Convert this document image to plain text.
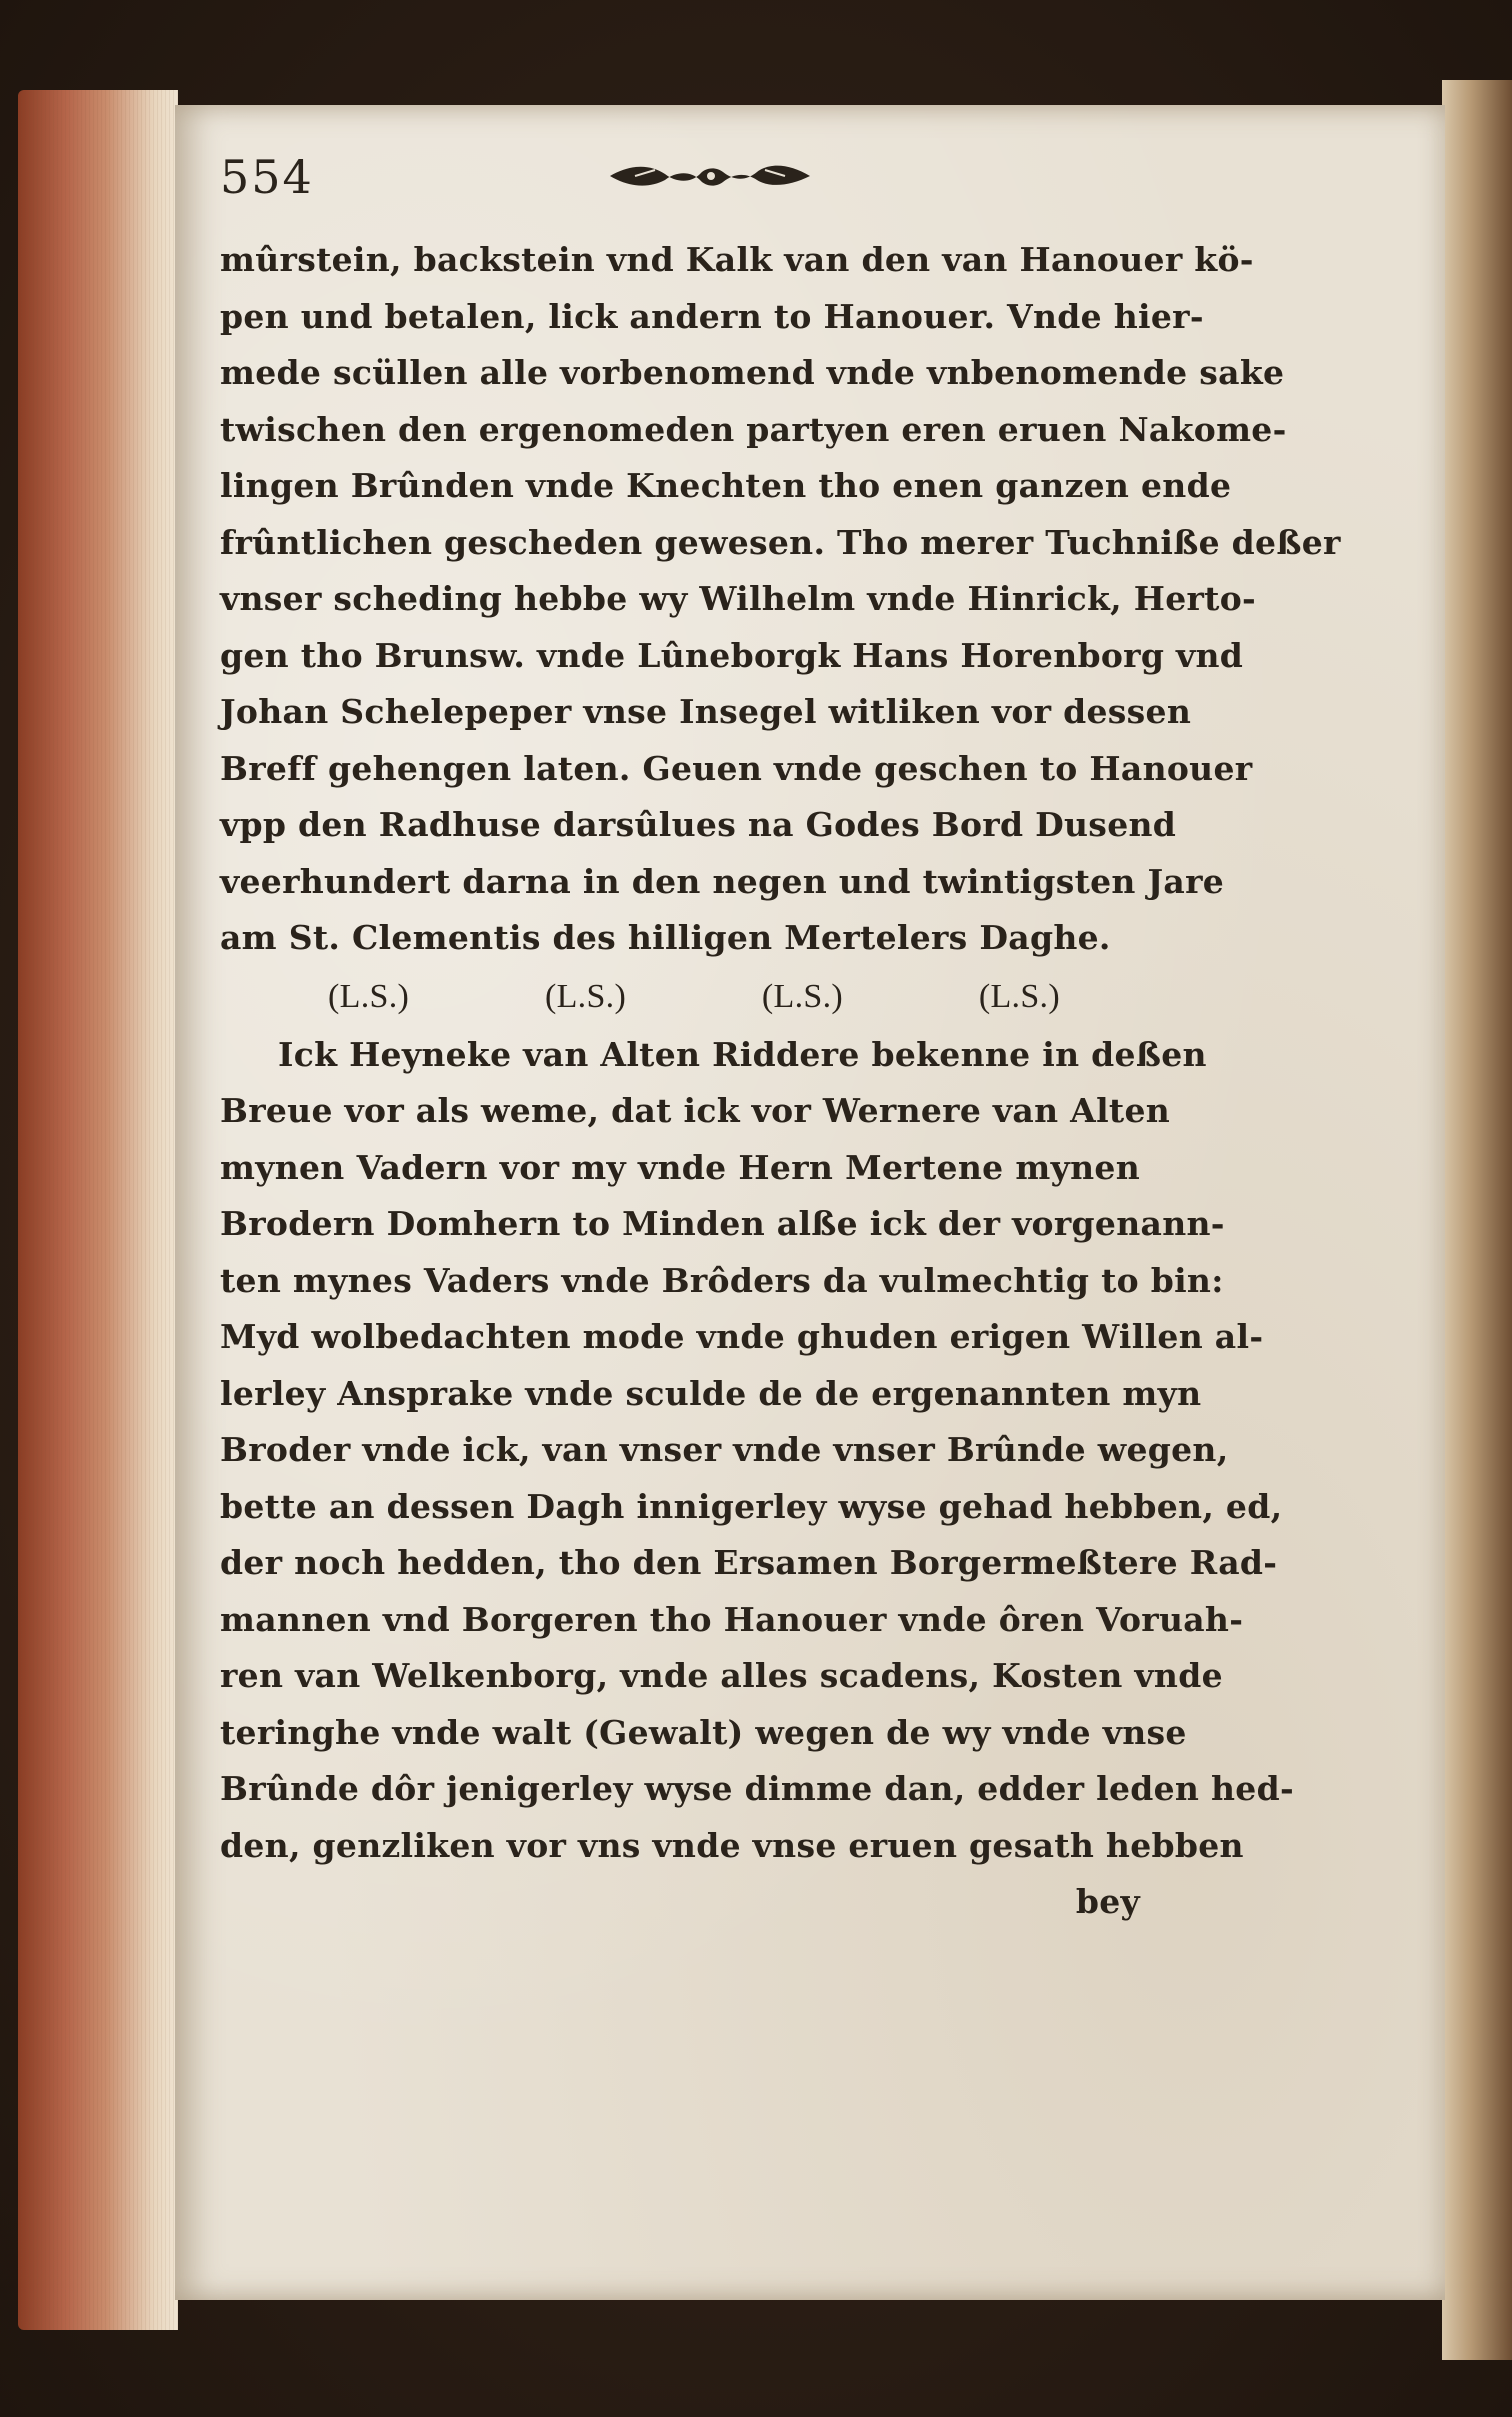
554
mûrstein, backstein vnd Kalk van den van Hanouer kö-
pen und betalen, lick andern to Hanouer. Vnde hier-
mede scüllen alle vorbenomend vnde vnbenomende sake
twischen den ergenomeden partyen eren eruen Nakome-
lingen Brûnden vnde Knechten tho enen ganzen ende
frûntlichen gescheden gewesen. Tho merer Tuchniße deßer
vnser scheding hebbe wy Wilhelm vnde Hinrick, Herto-
gen tho Brunsw. vnde Lûneborgk Hans Horenborg vnd
Johan Schelepeper vnse Insegel witliken vor dessen
Breff gehengen laten. Geuen vnde geschen to Hanouer
vpp den Radhuse darsûlues na Godes Bord Dusend
veerhundert darna in den negen und twintigsten Jare
am St. Clementis des hilligen Mertelers Daghe.
(L.S.)	(L.S.)	(L.S.)	(L.S.)
Ick Heyneke van Alten Riddere bekenne in deßen
Breue vor als weme, dat ick vor Wernere van Alten
mynen Vadern vor my vnde Hern Mertene mynen
Brodern Domhern to Minden alße ick der vorgenann-
ten mynes Vaders vnde Brôders da vulmechtig to bin:
Myd wolbedachten mode vnde ghuden erigen Willen al-
lerley Ansprake vnde sculde de de ergenannten myn
Broder vnde ick, van vnser vnde vnser Brûnde wegen,
bette an dessen Dagh innigerley wyse gehad hebben, ed,
der noch hedden, tho den Ersamen Borgermeßtere Rad-
mannen vnd Borgeren tho Hanouer vnde ôren Voruah-
ren van Welkenborg, vnde alles scadens, Kosten vnde
teringhe vnde walt (Gewalt) wegen de wy vnde vnse
Brûnde dôr jenigerley wyse dimme dan, edder leden hed-
den, genzliken vor vns vnde vnse eruen gesath hebben
bey
